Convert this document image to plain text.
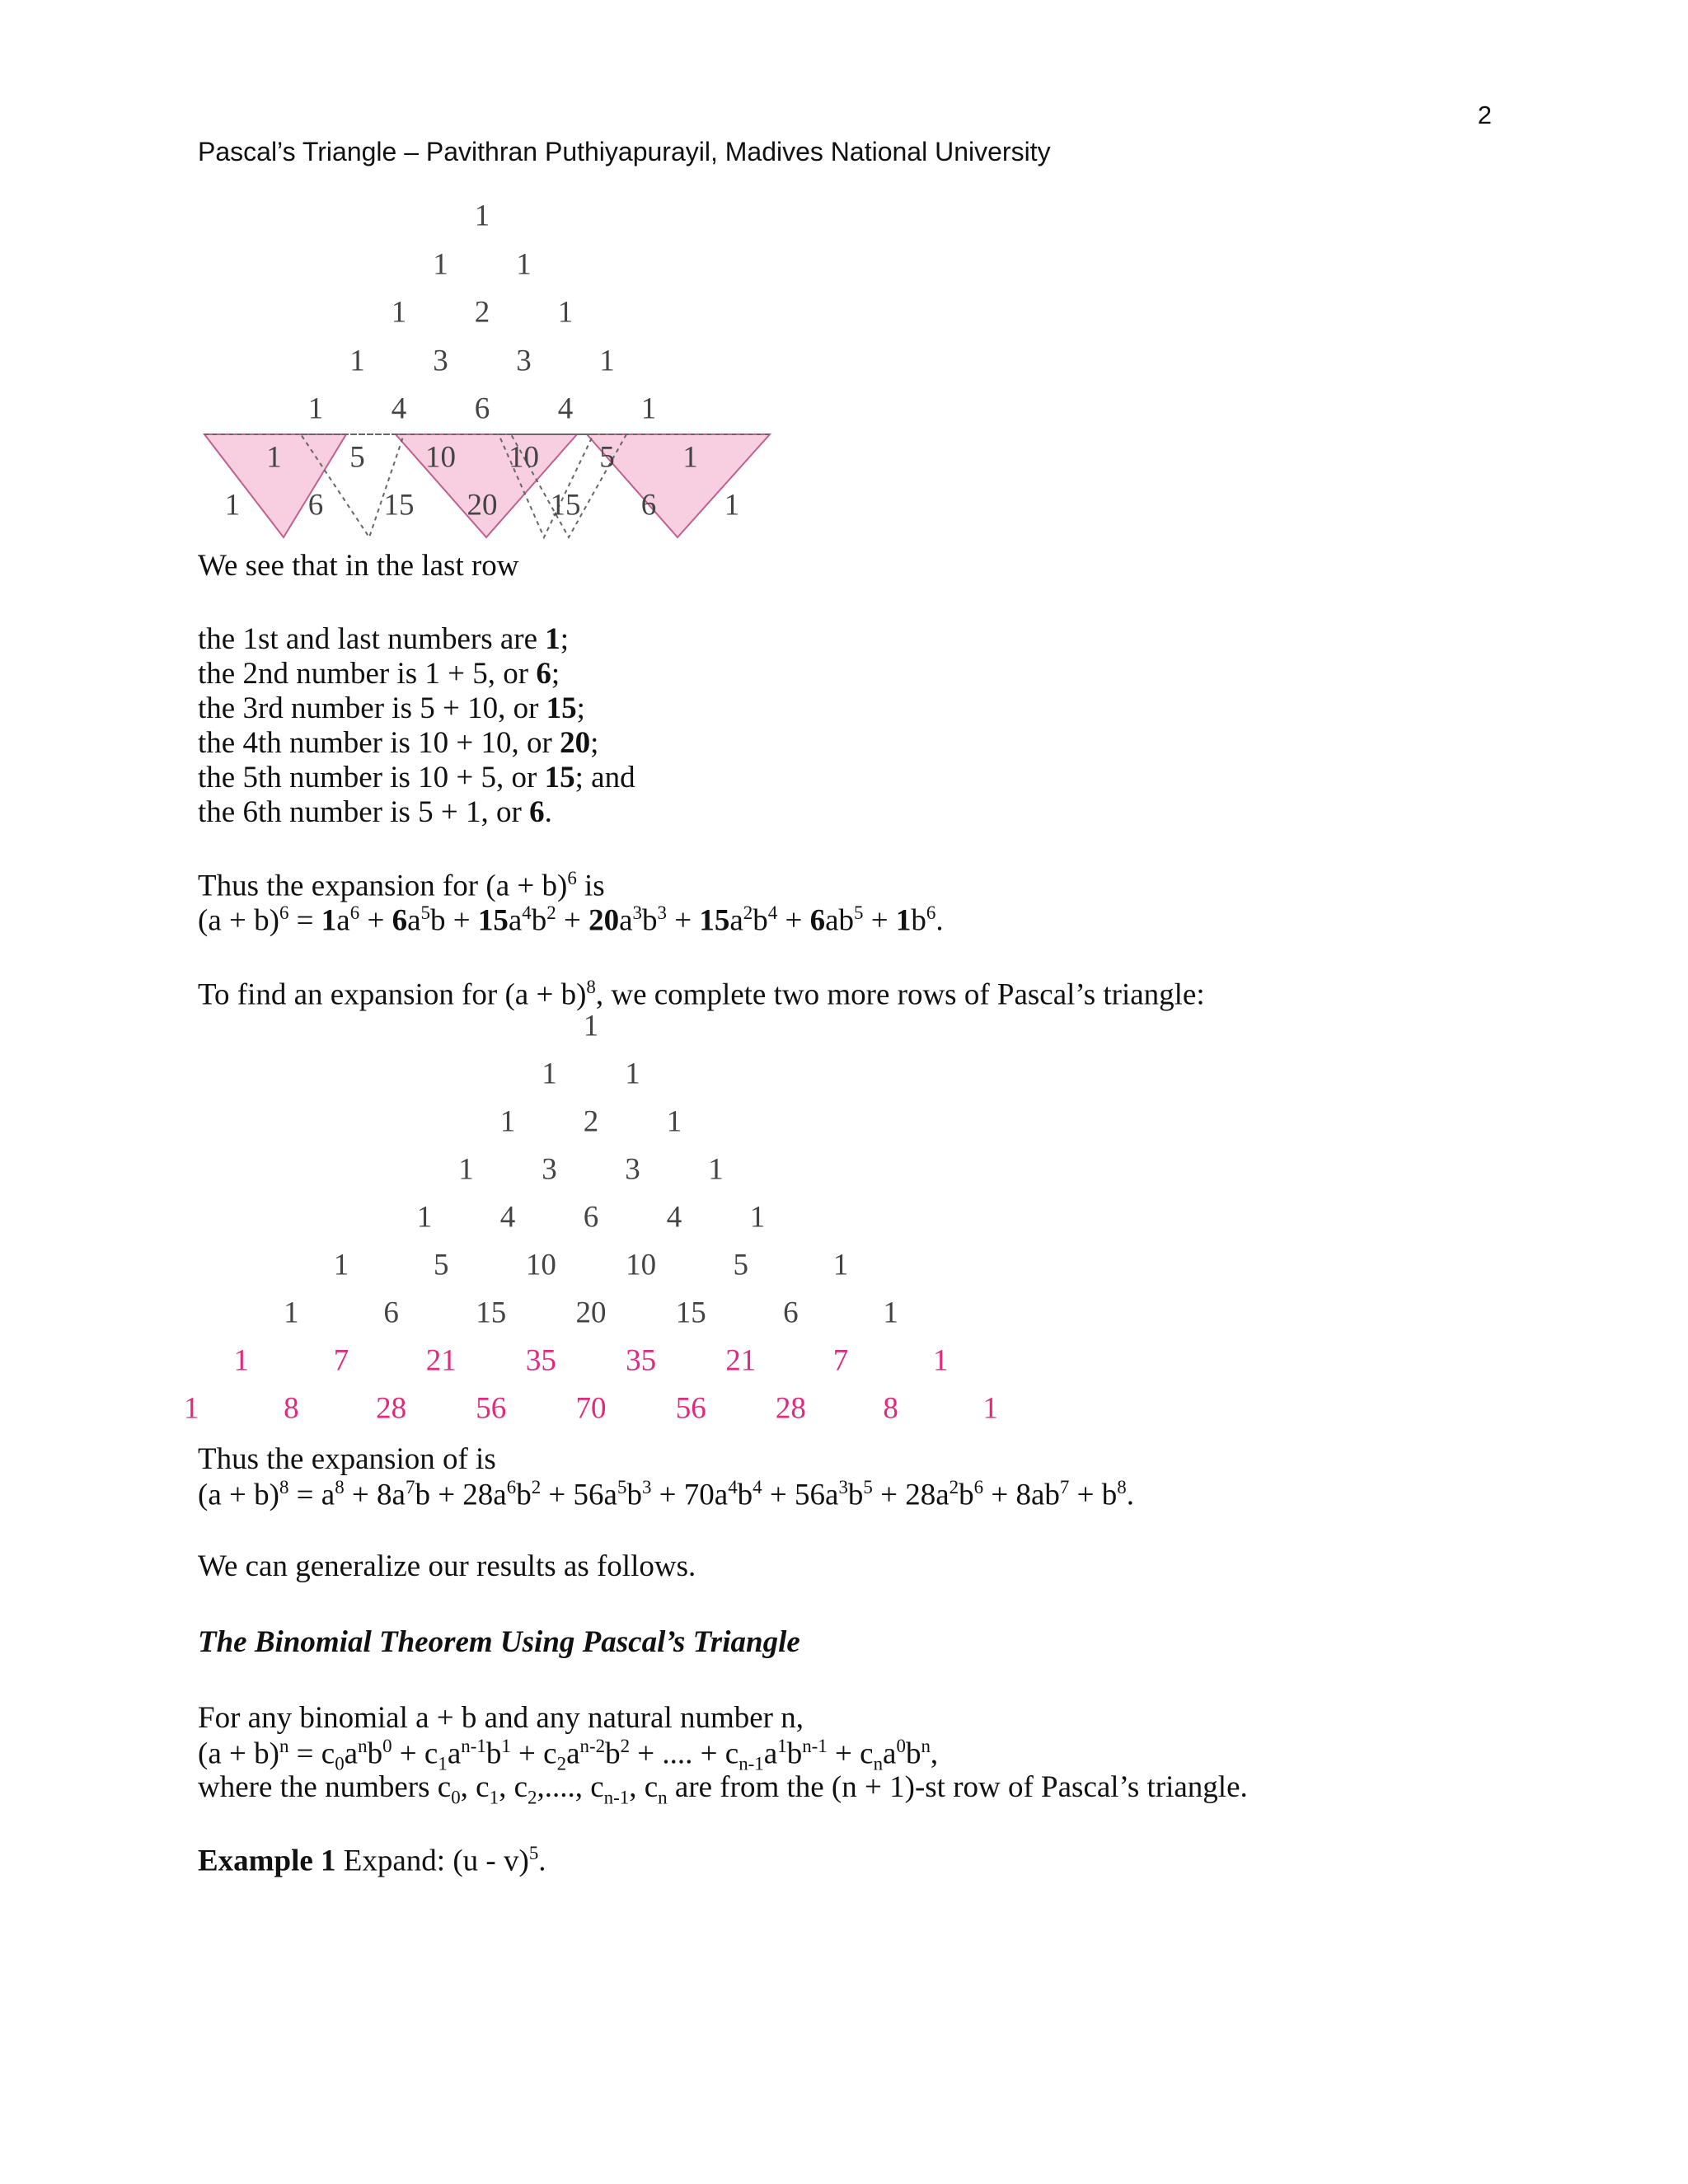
2
Pascal’s Triangle – Pavithran Puthiyapurayil, Madives National University
1
1 1
1 2 1
1 3 3 1
1 4 6 4 1
1 5 10 10 5 1
1 6 15 20 15 6 1
We see that in the last row
the 1st and last numbers are 1;
the 2nd number is 1 + 5, or 6;
the 3rd number is 5 + 10, or 15;
the 4th number is 10 + 10, or 20;
the 5th number is 10 + 5, or 15; and
the 6th number is 5 + 1, or 6.
Thus the expansion for $(a + b)^6$ is
$(a + b)^6 = 1a^6 + 6a^5b + 15a^4b^2 + 20a^3b^3 + 15a^2b^4 + 6ab^5 + 1b^6$.
To find an expansion for $(a + b)^8$, we complete two more rows of Pascal’s triangle:
1
1 1
1 2 1
1 3 3 1
1 4 6 4 1
1	5	10 10	5	1
1	6	15 20 15	6	1
1	7	21 35 35 21	7	1
1	8	28 56 70 56 28	8	1
Thus the expansion of is
$(a + b)^8 = a^8 + 8a^7b + 28a^6b^2 + 56a^5b^3 + 70a^4b^4 + 56a^3b^5 + 28a^2b^6 + 8ab^7 + b^8$.
We can generalize our results as follows.
The Binomial Theorem Using Pascal’s Triangle
For any binomial a + b and any natural number n,
$(a + b)^n = c_0a^nb^0 + c_1a^{n-1}b^1 + c_2a^{n-2}b^2$ + .... + $c_{n-1}a^1b^{n-1} + c_na^0b^n$,
where the numbers $c_0$, $c_1$, $c_2$,...., $c_{n-1}$, $c_n$ are from the (n + 1)-st row of Pascal’s triangle.
Example 1 Expand: (u - v)$^5$.
